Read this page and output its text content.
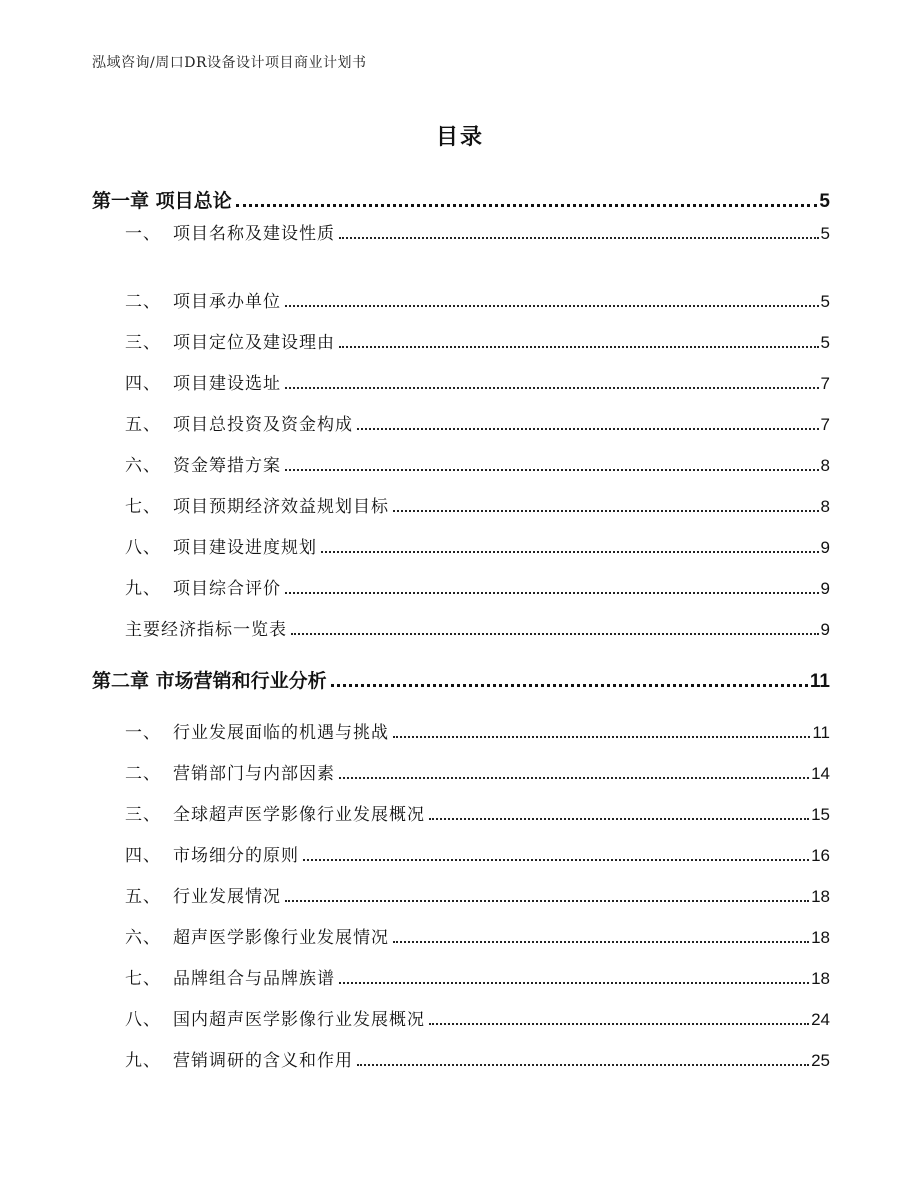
泓域咨询/周口DR设备设计项目商业计划书
目录
第一章 项目总论	5
一、 项目名称及建设性质	5
二、 项目承办单位	5
三、 项目定位及建设理由	5
四、 项目建设选址	7
五、 项目总投资及资金构成	7
六、 资金筹措方案	8
七、 项目预期经济效益规划目标	8
八、 项目建设进度规划	9
九、 项目综合评价	9
主要经济指标一览表	9
第二章 市场营销和行业分析	11
一、 行业发展面临的机遇与挑战	11
二、 营销部门与内部因素	14
三、 全球超声医学影像行业发展概况	15
四、 市场细分的原则	16
五、 行业发展情况	18
六、 超声医学影像行业发展情况	18
七、 品牌组合与品牌族谱	18
八、 国内超声医学影像行业发展概况	24
九、 营销调研的含义和作用	25
